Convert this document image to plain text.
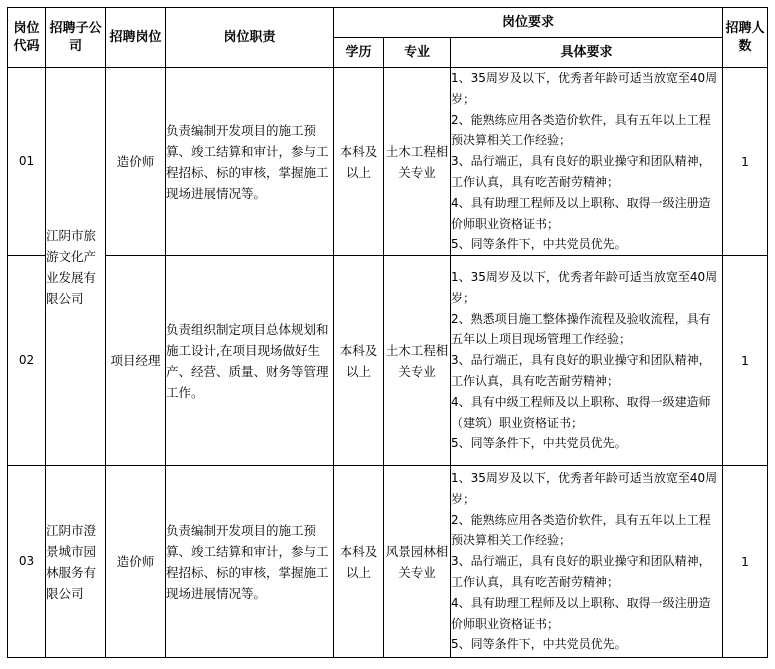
岗位代码	招聘子公司	招聘岗位	岗位职责	岗位要求			招聘人数
				学历	专业	具体要求	
01	江阴市旅游文化产业发展有限公司	造价师	负责编制开发项目的施工预算、竣工结算和审计，参与工程招标、标的审核，掌握施工现场进展情况等。	本科及以上	土木工程相关专业	1、35周岁及以下，优秀者年龄可适当放宽至40周岁；
2、能熟练应用各类造价软件，具有五年以上工程预决算相关工作经验；
3、品行端正，具有良好的职业操守和团队精神，工作认真，具有吃苦耐劳精神；
4、具有助理工程师及以上职称、取得一级注册造价师职业资格证书；
5、同等条件下，中共党员优先。	1
02		项目经理	负责组织制定项目总体规划和施工设计,在项目现场做好生产、经营、质量、财务等管理工作。	本科及以上	土木工程相关专业	1、35周岁及以下，优秀者年龄可适当放宽至40周岁；
2、熟悉项目施工整体操作流程及验收流程，具有五年以上项目现场管理工作经验；
3、品行端正，具有良好的职业操守和团队精神，工作认真，具有吃苦耐劳精神；
4、具有中级工程师及以上职称、取得一级建造师（建筑）职业资格证书；
5、同等条件下，中共党员优先。	1
03	江阴市澄景城市园林服务有限公司	造价师	负责编制开发项目的施工预算、竣工结算和审计，参与工程招标、标的审核，掌握施工现场进展情况等。	本科及以上	风景园林相关专业	1、35周岁及以下，优秀者年龄可适当放宽至40周岁；
2、能熟练应用各类造价软件，具有五年以上工程预决算相关工作经验；
3、品行端正，具有良好的职业操守和团队精神，工作认真，具有吃苦耐劳精神；
4、具有助理工程师及以上职称、取得一级注册造价师职业资格证书；
5、同等条件下，中共党员优先。	1
